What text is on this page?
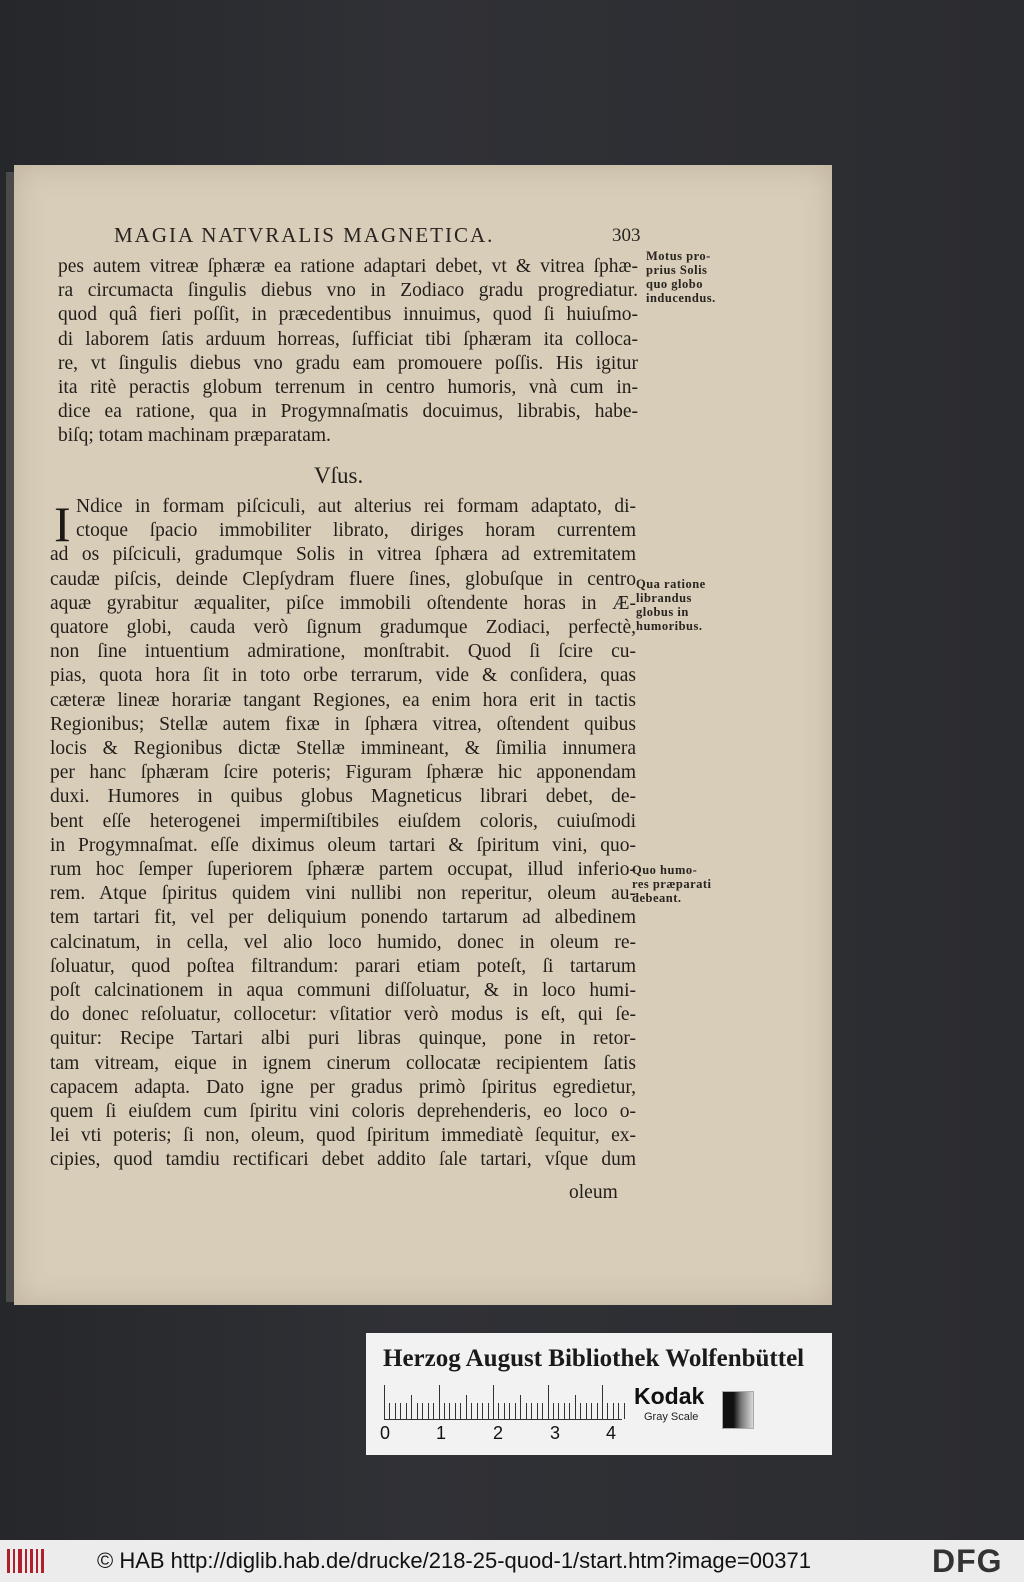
MAGIA NATVRALIS MAGNETICA.	303
pes autem vitreæ ſphæræ ea ratione adaptari debet, vt & vitrea ſphæ-
ra circumacta ſingulis diebus vno in Zodiaco gradu progrediatur.
quod quâ fieri poſſit, in præcedentibus innuimus, quod ſi huiuſmo-
di laborem ſatis arduum horreas, ſufficiat tibi ſphæram ita colloca-
re, vt ſingulis diebus vno gradu eam promouere poſſis. His igitur
ita ritè peractis globum terrenum in centro humoris, vnà cum in-
dice ea ratione, qua in Progymnaſmatis docuimus, librabis, habe-
biſq; totam machinam præparatam.
Vſus.
I Ndice in formam piſciculi, aut alterius rei formam adaptato, di-
ctoque ſpacio immobiliter librato, diriges horam currentem
ad os piſciculi, gradumque Solis in vitrea ſphæra ad extremitatem
caudæ piſcis, deinde Clepſydram fluere ſines, globuſque in centro
aquæ gyrabitur æqualiter, piſce immobili oſtendente horas in Æ-
quatore globi, cauda verò ſignum gradumque Zodiaci, perfectè,
non ſine intuentium admiratione, monſtrabit. Quod ſi ſcire cu-
pias, quota hora ſit in toto orbe terrarum, vide & conſidera, quas
cæteræ lineæ horariæ tangant Regiones, ea enim hora erit in tactis
Regionibus; Stellæ autem fixæ in ſphæra vitrea, oſtendent quibus
locis & Regionibus dictæ Stellæ immineant, & ſimilia innumera
per hanc ſphæram ſcire poteris; Figuram ſphæræ hic apponendam
duxi. Humores in quibus globus Magneticus librari debet, de-
bent eſſe heterogenei impermiſtibiles eiuſdem coloris, cuiuſmodi
in Progymnaſmat. eſſe diximus oleum tartari & ſpiritum vini, quo-
rum hoc ſemper ſuperiorem ſphæræ partem occupat, illud inferio-
rem. Atque ſpiritus quidem vini nullibi non reperitur, oleum au-
tem tartari fit, vel per deliquium ponendo tartarum ad albedinem
calcinatum, in cella, vel alio loco humido, donec in oleum re-
ſoluatur, quod poſtea filtrandum: parari etiam poteſt, ſi tartarum
poſt calcinationem in aqua communi diſſoluatur, & in loco humi-
do donec reſoluatur, collocetur: vſitatior verò modus is eſt, qui ſe-
quitur: Recipe Tartari albi puri libras quinque, pone in retor-
tam vitream, eique in ignem cinerum collocatæ recipientem ſatis
capacem adapta. Dato igne per gradus primò ſpiritus egredietur,
quem ſi eiuſdem cum ſpiritu vini coloris deprehenderis, eo loco o-
lei vti poteris; ſi non, oleum, quod ſpiritum immediatè ſequitur, ex-
cipies, quod tamdiu rectificari debet addito ſale tartari, vſque dum
oleum
Motus pro-
prius Solis
quo globo
inducendus.
Qua ratione
librandus
globus in
humoribus.
Quo humo-
res præparati
debeant.
Herzog August Bibliothek Wolfenbüttel
0	1	2	3	4
Kodak
Gray Scale
© HAB http://diglib.hab.de/drucke/218-25-quod-1/start.htm?image=00371	DFG
